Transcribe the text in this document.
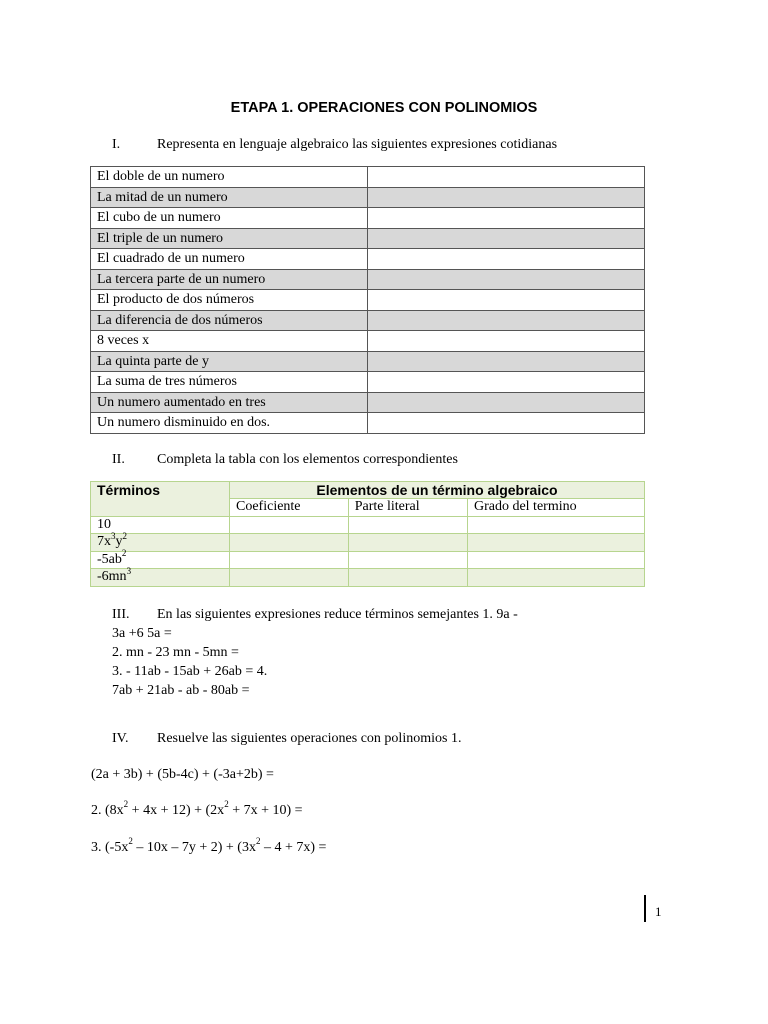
ETAPA 1. OPERACIONES CON POLINOMIOS
I.	Representa en lenguaje algebraico las siguientes expresiones cotidianas
El doble de un numero	
La mitad de un numero	
El cubo de un numero	
El triple de un numero	
El cuadrado de un numero	
La tercera parte de un numero	
El producto de dos números	
La diferencia de dos números	
8 veces x	
La quinta parte de y	
La suma de tres números	
Un numero aumentado en tres	
Un numero disminuido en dos.	
II. Completa la tabla con los elementos correspondientes
Términos	Elementos de un término algebraico		
	Coeficiente	Parte literal	Grado del termino
10			
$7x^3y^2$			
$-5ab^2$			
$-6mn^3$			
III. En las siguientes expresiones reduce términos semejantes 1. 9a -
3a +6 5a =
2. mn - 23 mn - 5mn =
3. - 11ab - 15ab + 26ab = 4.
7ab + 21ab - ab - 80ab =
IV. Resuelve las siguientes operaciones con polinomios 1.
(2a + 3b) + (5b-4c) + (-3a+2b) =
2. $(8x^2 + 4x + 12) + (2x^2 + 7x + 10)$ =
3. $(-5x^2 - 10x - 7y + 2) + (3x^2 - 4 + 7x)$ =
1
